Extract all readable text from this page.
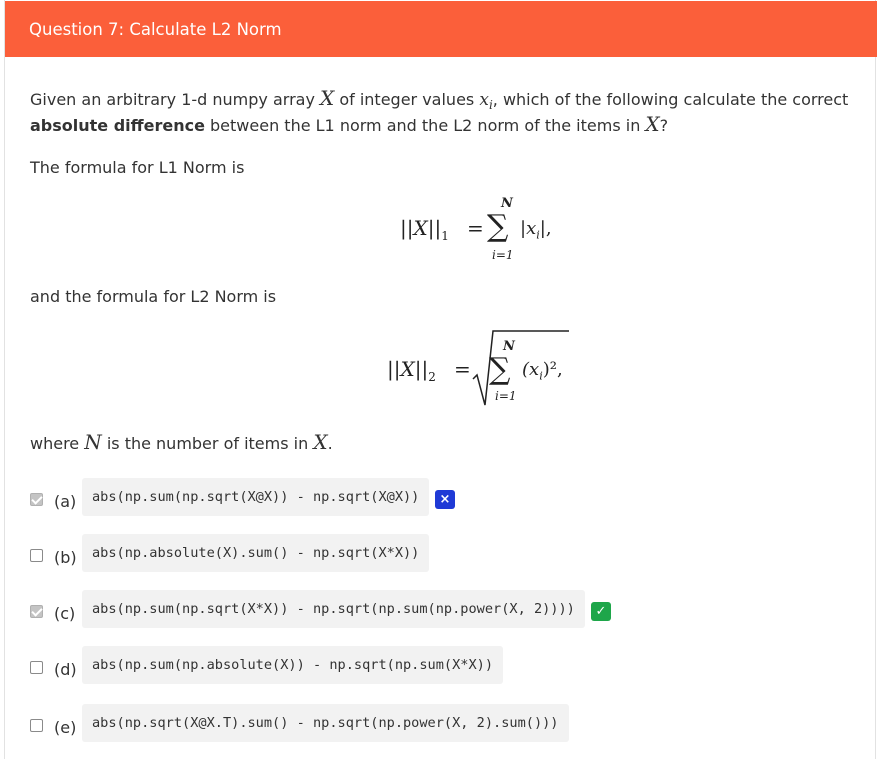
Question 7: Calculate L2 Norm
Given an arbitrary 1-d numpy array X of integer values $x_i$, which of the following calculate the correct
absolute difference between the L1 norm and the L2 norm of the items in X?
The formula for L1 Norm is
$||X||_1$ =
N
∑
i=1
$|x_i|$,
and the formula for L2 Norm is
$||X||_2$ =
N
∑
i=1
$(x_i)^2$,
where N is the number of items in X.
(a)	abs(np.sum(np.sqrt(X@X)) - np.sqrt(X@X))	×
(b)	abs(np.absolute(X).sum() - np.sqrt(X*X))
(c)	abs(np.sum(np.sqrt(X*X)) - np.sqrt(np.sum(np.power(X, 2))))	✓
(d)	abs(np.sum(np.absolute(X)) - np.sqrt(np.sum(X*X))
(e)	abs(np.sqrt(X@X.T).sum() - np.sqrt(np.power(X, 2).sum()))
